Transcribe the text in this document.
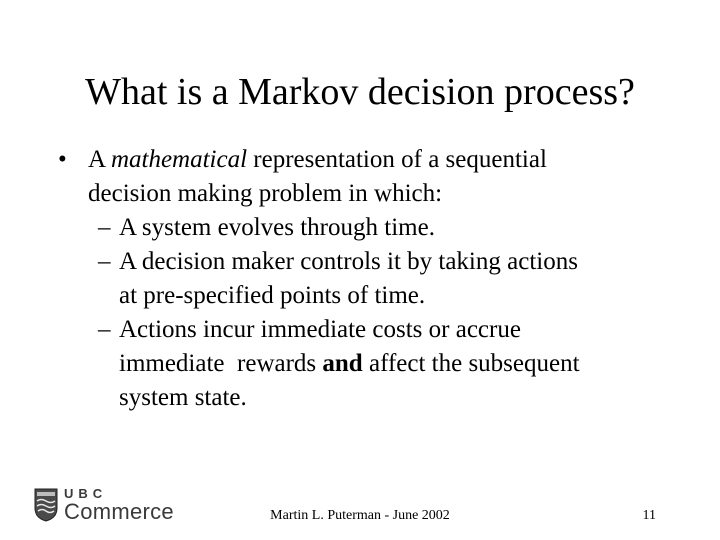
What is a Markov decision process?
• A mathematical representation of a sequential
decision making problem in which:
– A system evolves through time.
– A decision maker controls it by taking actions
at pre-specified points of time.
– Actions incur immediate costs or accrue
immediate  rewards and affect the subsequent
system state.
UBC
Commerce	Martin L. Puterman - June 2002	11
